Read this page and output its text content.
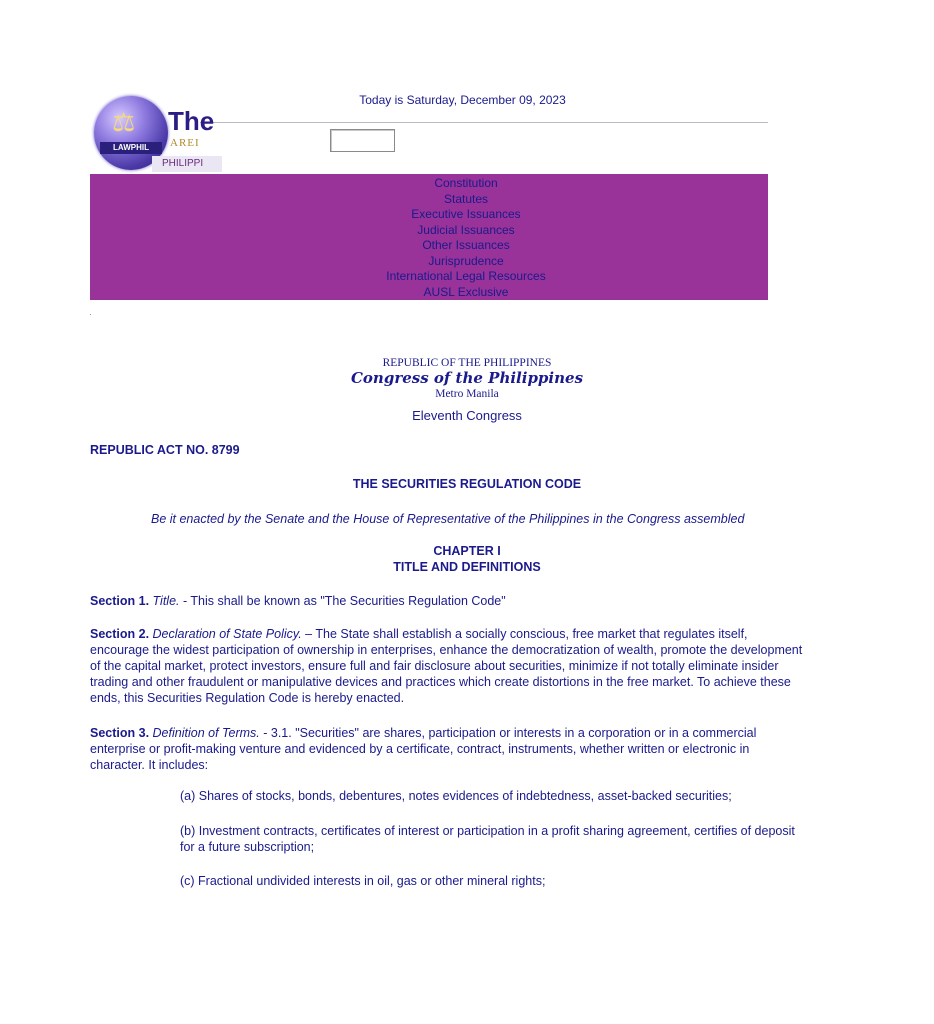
Today is Saturday, December 09, 2023
⚖
LAWPHIL
The
AREI
PHILIPPI
Constitution
Statutes
Executive Issuances
Judicial Issuances
Other Issuances
Jurisprudence
International Legal Resources
AUSL Exclusive
REPUBLIC OF THE PHILIPPINES
Congress of the Philippines
Metro Manila
Eleventh Congress
REPUBLIC ACT NO. 8799
THE SECURITIES REGULATION CODE
Be it enacted by the Senate and the House of Representative of the Philippines in the Congress assembled
CHAPTER I
TITLE AND DEFINITIONS
Section 1. Title. - This shall be known as "The Securities Regulation Code"
Section 2. Declaration of State Policy. – The State shall establish a socially conscious, free market that regulates itself,
encourage the widest participation of ownership in enterprises, enhance the democratization of wealth, promote the development
of the capital market, protect investors, ensure full and fair disclosure about securities, minimize if not totally eliminate insider
trading and other fraudulent or manipulative devices and practices which create distortions in the free market. To achieve these
ends, this Securities Regulation Code is hereby enacted.
Section 3. Definition of Terms. - 3.1. "Securities" are shares, participation or interests in a corporation or in a commercial
enterprise or profit-making venture and evidenced by a certificate, contract, instruments, whether written or electronic in
character. It includes:
(a) Shares of stocks, bonds, debentures, notes evidences of indebtedness, asset-backed securities;
(b) Investment contracts, certificates of interest or participation in a profit sharing agreement, certifies of deposit
for a future subscription;
(c) Fractional undivided interests in oil, gas or other mineral rights;
